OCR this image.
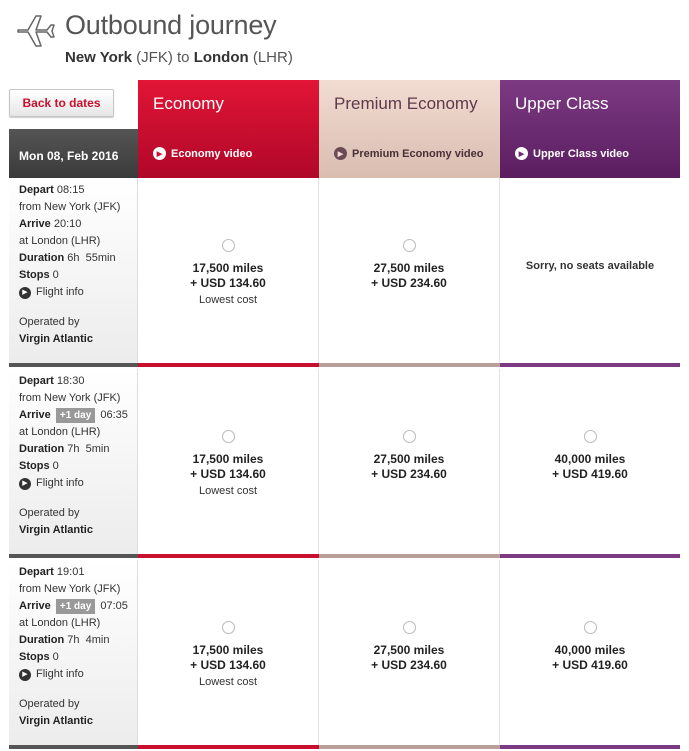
Outbound journey
New York (JFK) to London (LHR)
Back to dates
Mon 08, Feb 2016
Economy
▶ Economy video
Premium Economy
▶ Premium Economy video
Upper Class
▶ Upper Class video
Depart 08:15
from New York (JFK)
Arrive 20:10
at London (LHR)
Duration 6h  55min
Stops 0
▶ Flight info
Operated by
Virgin Atlantic
17,500 miles
+ USD 134.60
Lowest cost
27,500 miles
+ USD 234.60
Sorry, no seats available
Depart 18:30
from New York (JFK)
Arrive +1 day 06:35
at London (LHR)
Duration 7h  5min
Stops 0
▶ Flight info
Operated by
Virgin Atlantic
17,500 miles
+ USD 134.60
Lowest cost
27,500 miles
+ USD 234.60
40,000 miles
+ USD 419.60
Depart 19:01
from New York (JFK)
Arrive +1 day 07:05
at London (LHR)
Duration 7h  4min
Stops 0
▶ Flight info
Operated by
Virgin Atlantic
17,500 miles
+ USD 134.60
Lowest cost
27,500 miles
+ USD 234.60
40,000 miles
+ USD 419.60
